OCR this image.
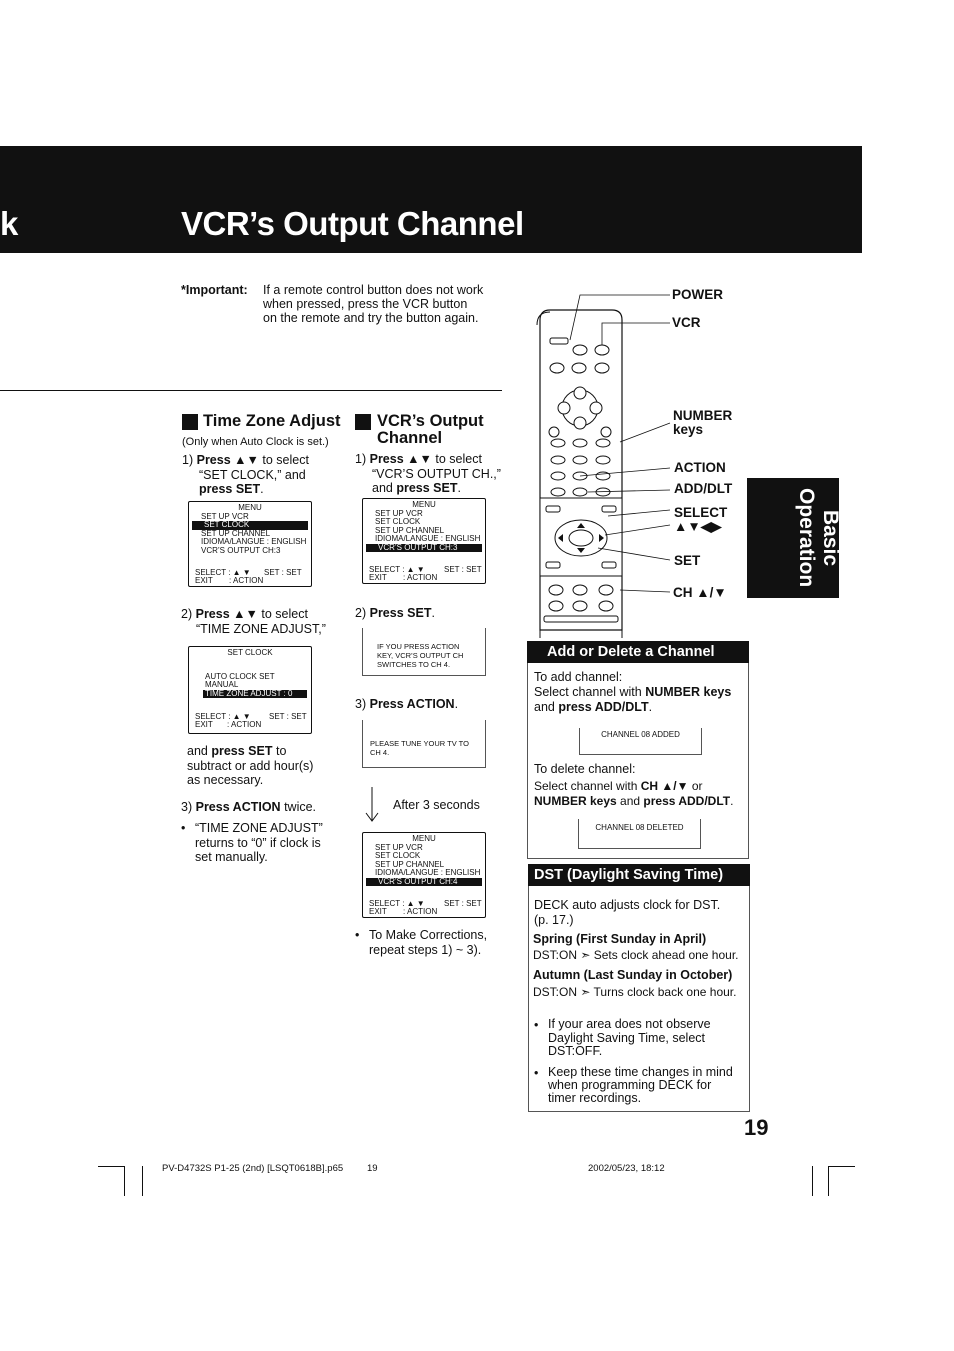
k	VCR’s Output Channel
*Important: If a remote control button does not work
when pressed, press the VCR button
on the remote and try the button again.
Time Zone Adjust
(Only when Auto Clock is set.)
1) Press ▲▼ to select
“SET CLOCK,” and
press SET.
MENU
SET UP VCR
SET CLOCK
SET UP CHANNEL
IDIOMA/LANGUE : ENGLISH
VCR’S OUTPUT CH:3
SELECT : ▲ ▼ SET : SET
EXIT : ACTION
2) Press ▲▼ to select
“TIME ZONE ADJUST,”
SET CLOCK
AUTO CLOCK SET
MANUAL
TIME ZONE ADJUST : 0
SELECT : ▲ ▼ SET : SET
EXIT : ACTION
and press SET to
subtract or add hour(s)
as necessary.
3) Press ACTION twice.
• “TIME ZONE ADJUST”
returns to “0” if clock is
set manually.
VCR’s Output
Channel
1) Press ▲▼ to select
“VCR’S OUTPUT CH.,”
and press SET.
MENU
SET UP VCR
SET CLOCK
SET UP CHANNEL
IDIOMA/LANGUE : ENGLISH
VCR’S OUTPUT CH:3
SELECT : ▲ ▼ SET : SET
EXIT : ACTION
2) Press SET.
IF YOU PRESS ACTION
KEY, VCR’S OUTPUT CH
SWITCHES TO CH 4.
3) Press ACTION.
PLEASE TUNE YOUR TV TO
CH 4.
After 3 seconds
MENU
SET UP VCR
SET CLOCK
SET UP CHANNEL
IDIOMA/LANGUE : ENGLISH
VCR’S OUTPUT CH:4
SELECT : ▲ ▼ SET : SET
EXIT : ACTION
• To Make Corrections,
repeat steps 1) ~ 3).
POWER
VCR
NUMBER
keys
ACTION
ADD/DLT
SELECT
▲▼◀▶
SET
CH ▲/▼
Basic Operation
Add or Delete a Channel
To add channel:
Select channel with NUMBER keys
and press ADD/DLT.
CHANNEL 08 ADDED
To delete channel:
Select channel with CH ▲/▼ or
NUMBER keys and press ADD/DLT.
CHANNEL 08 DELETED
DST (Daylight Saving Time)
DECK auto adjusts clock for DST.
(p. 17.)
Spring (First Sunday in April)
DST:ON ➣ Sets clock ahead one hour.
Autumn (Last Sunday in October)
DST:ON ➣ Turns clock back one hour.
• If your area does not observe
Daylight Saving Time, select
DST:OFF.
• Keep these time changes in mind
when programming DECK for
timer recordings.
19
PV-D4732S P1-25 (2nd) [LSQT0618B].p65	19	2002/05/23, 18:12
